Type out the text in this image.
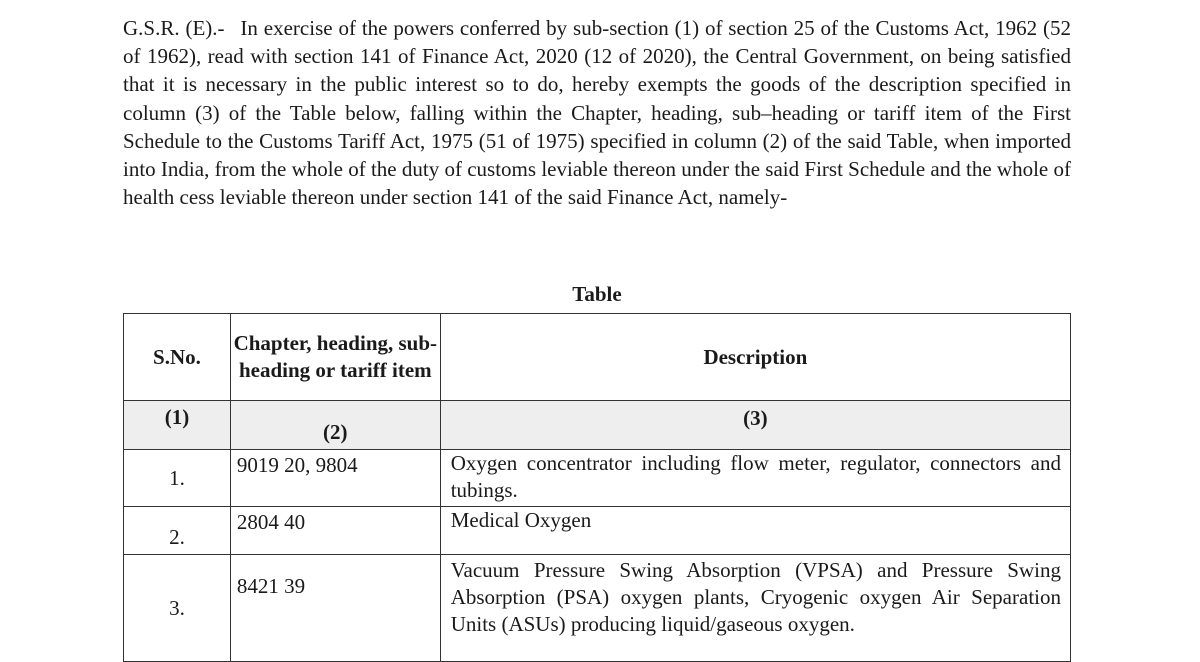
G.S.R. (E).- In exercise of the powers conferred by sub-section (1) of section 25 of the Customs Act, 1962 (52 of 1962), read with section 141 of Finance Act, 2020 (12 of 2020), the Central Government, on being satisfied that it is necessary in the public interest so to do, hereby exempts the goods of the description specified in column (3) of the Table below, falling within the Chapter, heading, sub–heading or tariff item of the First Schedule to the Customs Tariff Act, 1975 (51 of 1975) specified in column (2) of the said Table, when imported into India, from the whole of the duty of customs leviable thereon under the said First Schedule and the whole of health cess leviable thereon under section 141 of the said Finance Act, namely-

Table
S.No.	Chapter, heading, sub-heading or tariff item	Description
(1)	(2)	(3)
1.	9019 20, 9804	Oxygen concentrator including flow meter, regulator, connectors and tubings.
2.	2804 40	Medical Oxygen
3.	8421 39	Vacuum Pressure Swing Absorption (VPSA) and Pressure Swing Absorption (PSA) oxygen plants, Cryogenic oxygen Air Separation Units (ASUs) producing liquid/gaseous oxygen.
